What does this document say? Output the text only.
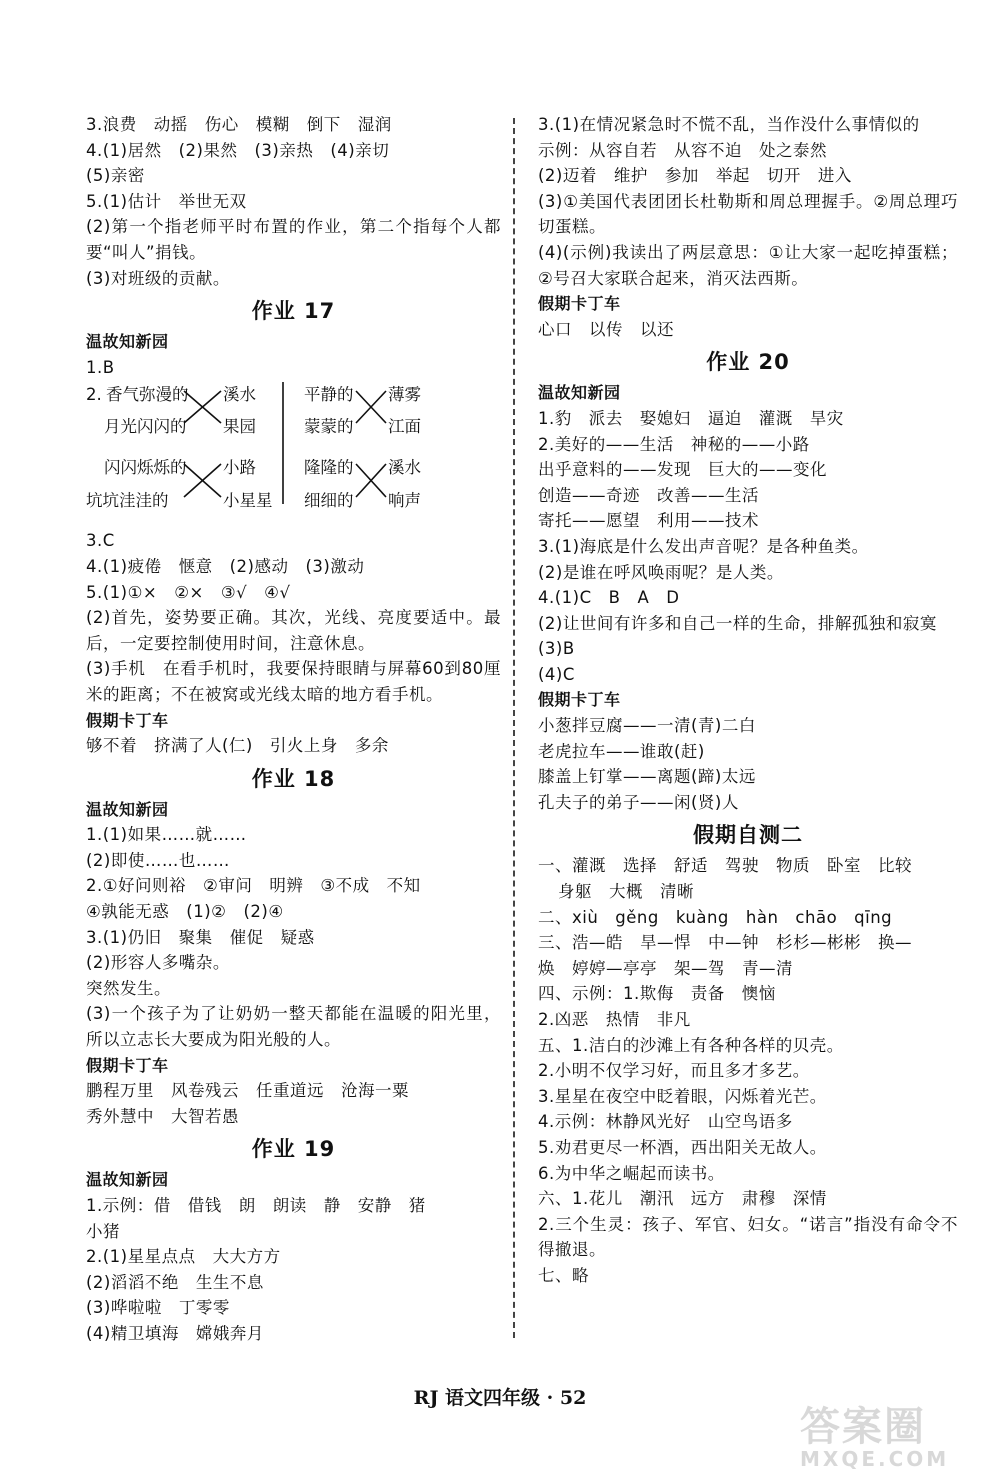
3.浪费　动摇　伤心　模糊　倒下　湿润
4.(1)居然　(2)果然　(3)亲热　(4)亲切
(5)亲密
5.(1)估计　举世无双
(2)第一个指老师平时布置的作业，第二个指每个人都要“叫人”捐钱。
(3)对班级的贡献。
作业 17
温故知新园
1.B
2. 香气弥漫的
月光闪闪的
闪闪烁烁的
坑坑洼洼的
溪水
果园
小路
小星星
平静的
蒙蒙的
隆隆的
细细的
薄雾
江面
溪水
响声
3.C
4.(1)疲倦　惬意　(2)感动　(3)激动
5.(1)①×　②×　③√　④√
(2)首先，姿势要正确。其次，光线、亮度要适中。最后，一定要控制使用时间，注意休息。
(3)手机　在看手机时，我要保持眼睛与屏幕60到80厘米的距离；不在被窝或光线太暗的地方看手机。
假期卡丁车
够不着　挤满了人(仁)　引火上身　多余
作业 18
温故知新园
1.(1)如果……就……
(2)即使……也……
2.①好问则裕　②审问　明辨　③不成　不知
④孰能无惑　(1)②　(2)④
3.(1)仍旧　聚集　催促　疑惑
(2)形容人多嘴杂。
突然发生。
(3)一个孩子为了让奶奶一整天都能在温暖的阳光里，所以立志长大要成为阳光般的人。
假期卡丁车
鹏程万里　风卷残云　任重道远　沧海一粟
秀外慧中　大智若愚
作业 19
温故知新园
1.示例：借　借钱　朗　朗读　静　安静　猪
小猪
2.(1)星星点点　大大方方
(2)滔滔不绝　生生不息
(3)哗啦啦　丁零零
(4)精卫填海　嫦娥奔月
3.(1)在情况紧急时不慌不乱，当作没什么事情似的
示例：从容自若　从容不迫　处之泰然
(2)迈着　维护　参加　举起　切开　进入
(3)①美国代表团团长杜勒斯和周总理握手。②周总理巧切蛋糕。
(4)(示例)我读出了两层意思：①让大家一起吃掉蛋糕；②号召大家联合起来，消灭法西斯。
假期卡丁车
心口　以传　以还
作业 20
温故知新园
1.豹　派去　娶媳妇　逼迫　灌溉　旱灾
2.美好的——生活　神秘的——小路
出乎意料的——发现　巨大的——变化
创造——奇迹　改善——生活
寄托——愿望　利用——技术
3.(1)海底是什么发出声音呢？是各种鱼类。
(2)是谁在呼风唤雨呢？是人类。
4.(1)C　B　A　D
(2)让世间有许多和自己一样的生命，排解孤独和寂寞
(3)B
(4)C
假期卡丁车
小葱拌豆腐——一清(青)二白
老虎拉车——谁敢(赶)
膝盖上钉掌——离题(蹄)太远
孔夫子的弟子——闲(贤)人
假期自测二
一、灌溉　选择　舒适　驾驶　物质　卧室　比较
身躯　大概　清晰
二、xiù　gěng　kuàng　hàn　chāo　qīng
三、浩—皓　旱—悍　中—钟　杉杉—彬彬　换—
焕　婷婷—亭亭　架—驾　青—清
四、示例：1.欺侮　责备　懊恼
2.凶恶　热情　非凡
五、1.洁白的沙滩上有各种各样的贝壳。
2.小明不仅学习好，而且多才多艺。
3.星星在夜空中眨着眼，闪烁着光芒。
4.示例：林静风光好　山空鸟语多
5.劝君更尽一杯酒，西出阳关无故人。
6.为中华之崛起而读书。
六、1.花儿　潮汛　远方　肃穆　深情
2.三个生灵：孩子、军官、妇女。“诺言”指没有命令不得撤退。
七、略
RJ 语文四年级 · 52
答案圈
MXQE.COM
